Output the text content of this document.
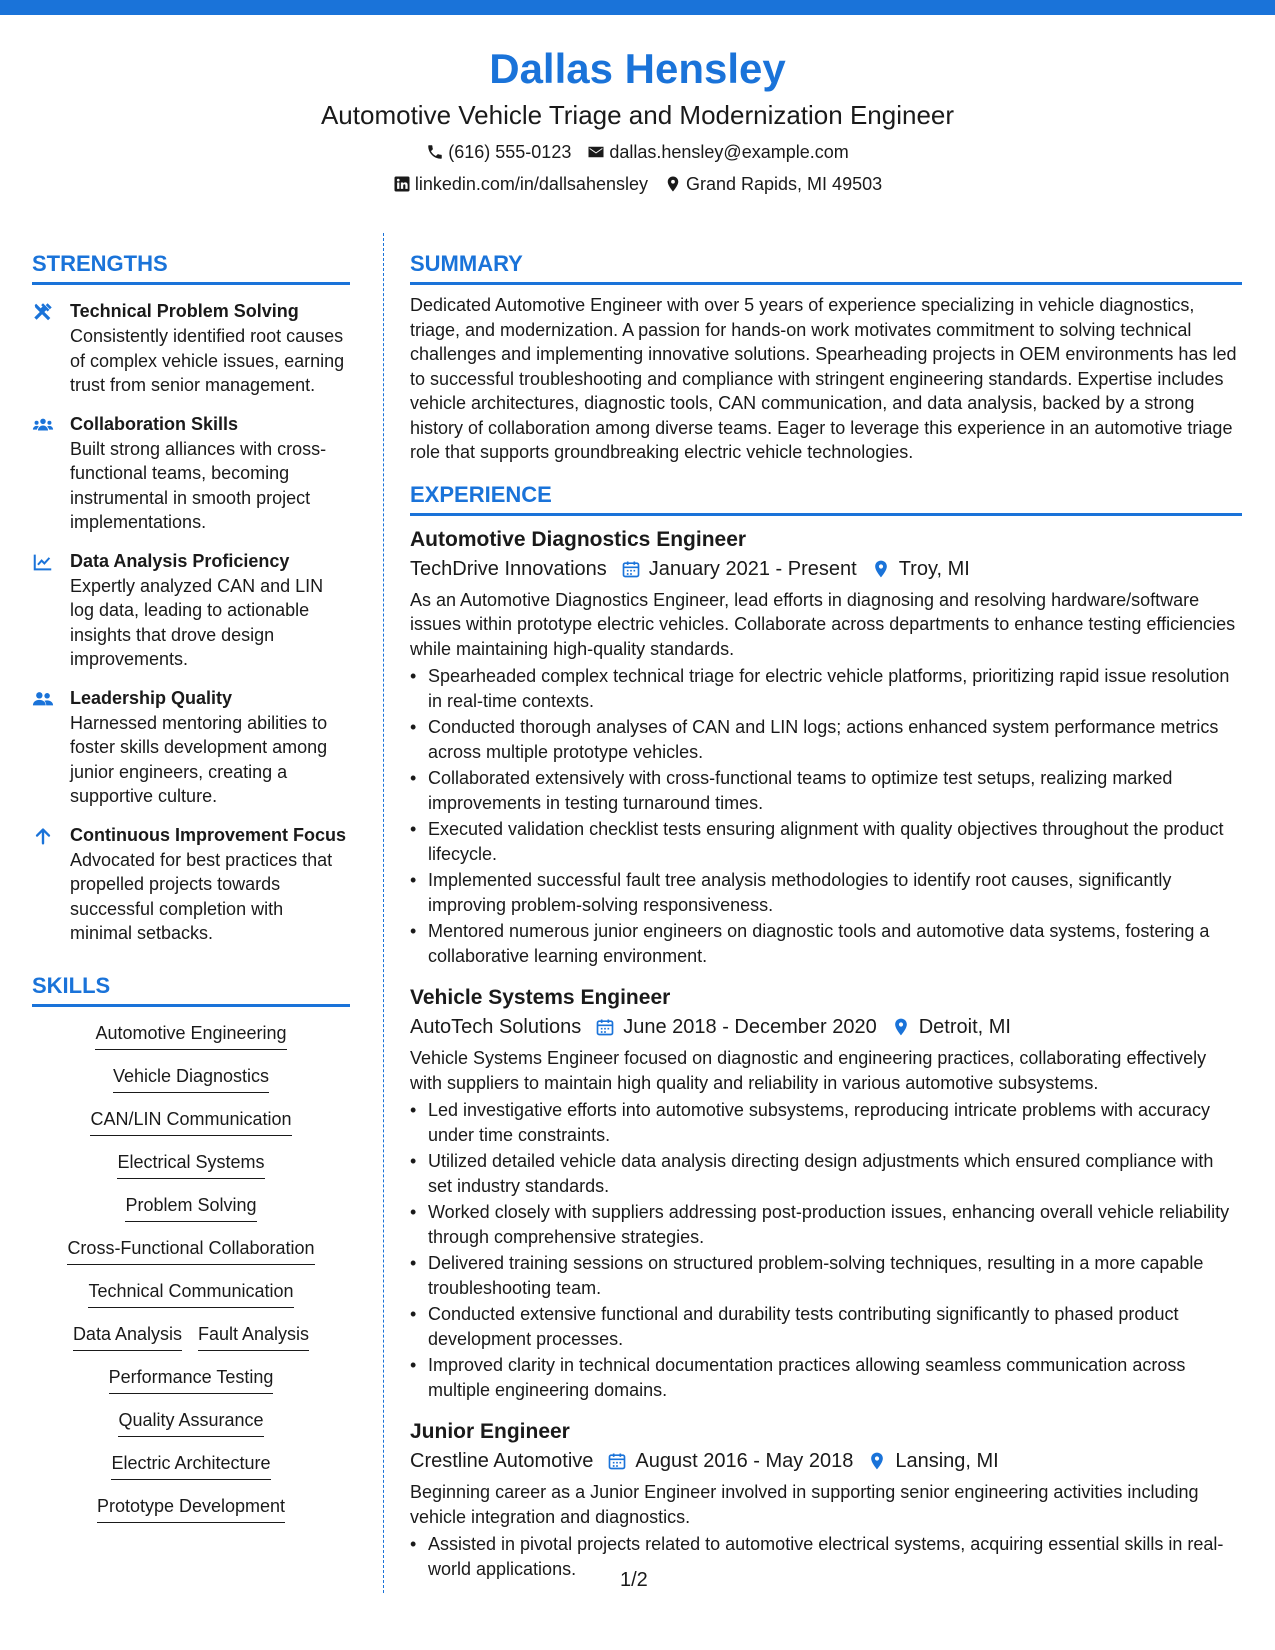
Dallas Hensley
Automotive Vehicle Triage and Modernization Engineer
(616) 555-0123 dallas.hensley@example.com
linkedin.com/in/dallsahensley Grand Rapids, MI 49503
STRENGTHS
Technical Problem Solving
Consistently identified root causes of complex vehicle issues, earning trust from senior management.
Collaboration Skills
Built strong alliances with cross-functional teams, becoming instrumental in smooth project implementations.
Data Analysis Proficiency
Expertly analyzed CAN and LIN log data, leading to actionable insights that drove design improvements.
Leadership Quality
Harnessed mentoring abilities to foster skills development among junior engineers, creating a supportive culture.
Continuous Improvement Focus
Advocated for best practices that propelled projects towards successful completion with minimal setbacks.
SKILLS
Automotive Engineering
Vehicle Diagnostics
CAN/LIN Communication
Electrical Systems
Problem Solving
Cross-Functional Collaboration
Technical Communication
Data Analysis Fault Analysis
Performance Testing
Quality Assurance
Electric Architecture
Prototype Development
SUMMARY
Dedicated Automotive Engineer with over 5 years of experience specializing in vehicle diagnostics, triage, and modernization. A passion for hands-on work motivates commitment to solving technical challenges and implementing innovative solutions. Spearheading projects in OEM environments has led to successful troubleshooting and compliance with stringent engineering standards. Expertise includes vehicle architectures, diagnostic tools, CAN communication, and data analysis, backed by a strong history of collaboration among diverse teams. Eager to leverage this experience in an automotive triage role that supports groundbreaking electric vehicle technologies.
EXPERIENCE
Automotive Diagnostics Engineer
TechDrive Innovations January 2021 - Present Troy, MI
As an Automotive Diagnostics Engineer, lead efforts in diagnosing and resolving hardware/software issues within prototype electric vehicles. Collaborate across departments to enhance testing efficiencies while maintaining high-quality standards.
• Spearheaded complex technical triage for electric vehicle platforms, prioritizing rapid issue resolution in real-time contexts.
• Conducted thorough analyses of CAN and LIN logs; actions enhanced system performance metrics across multiple prototype vehicles.
• Collaborated extensively with cross-functional teams to optimize test setups, realizing marked improvements in testing turnaround times.
• Executed validation checklist tests ensuring alignment with quality objectives throughout the product lifecycle.
• Implemented successful fault tree analysis methodologies to identify root causes, significantly improving problem-solving responsiveness.
• Mentored numerous junior engineers on diagnostic tools and automotive data systems, fostering a collaborative learning environment.
Vehicle Systems Engineer
AutoTech Solutions June 2018 - December 2020 Detroit, MI
Vehicle Systems Engineer focused on diagnostic and engineering practices, collaborating effectively with suppliers to maintain high quality and reliability in various automotive subsystems.
• Led investigative efforts into automotive subsystems, reproducing intricate problems with accuracy under time constraints.
• Utilized detailed vehicle data analysis directing design adjustments which ensured compliance with set industry standards.
• Worked closely with suppliers addressing post-production issues, enhancing overall vehicle reliability through comprehensive strategies.
• Delivered training sessions on structured problem-solving techniques, resulting in a more capable troubleshooting team.
• Conducted extensive functional and durability tests contributing significantly to phased product development processes.
• Improved clarity in technical documentation practices allowing seamless communication across multiple engineering domains.
Junior Engineer
Crestline Automotive August 2016 - May 2018 Lansing, MI
Beginning career as a Junior Engineer involved in supporting senior engineering activities including vehicle integration and diagnostics.
• Assisted in pivotal projects related to automotive electrical systems, acquiring essential skills in real-world applications.
1/2
